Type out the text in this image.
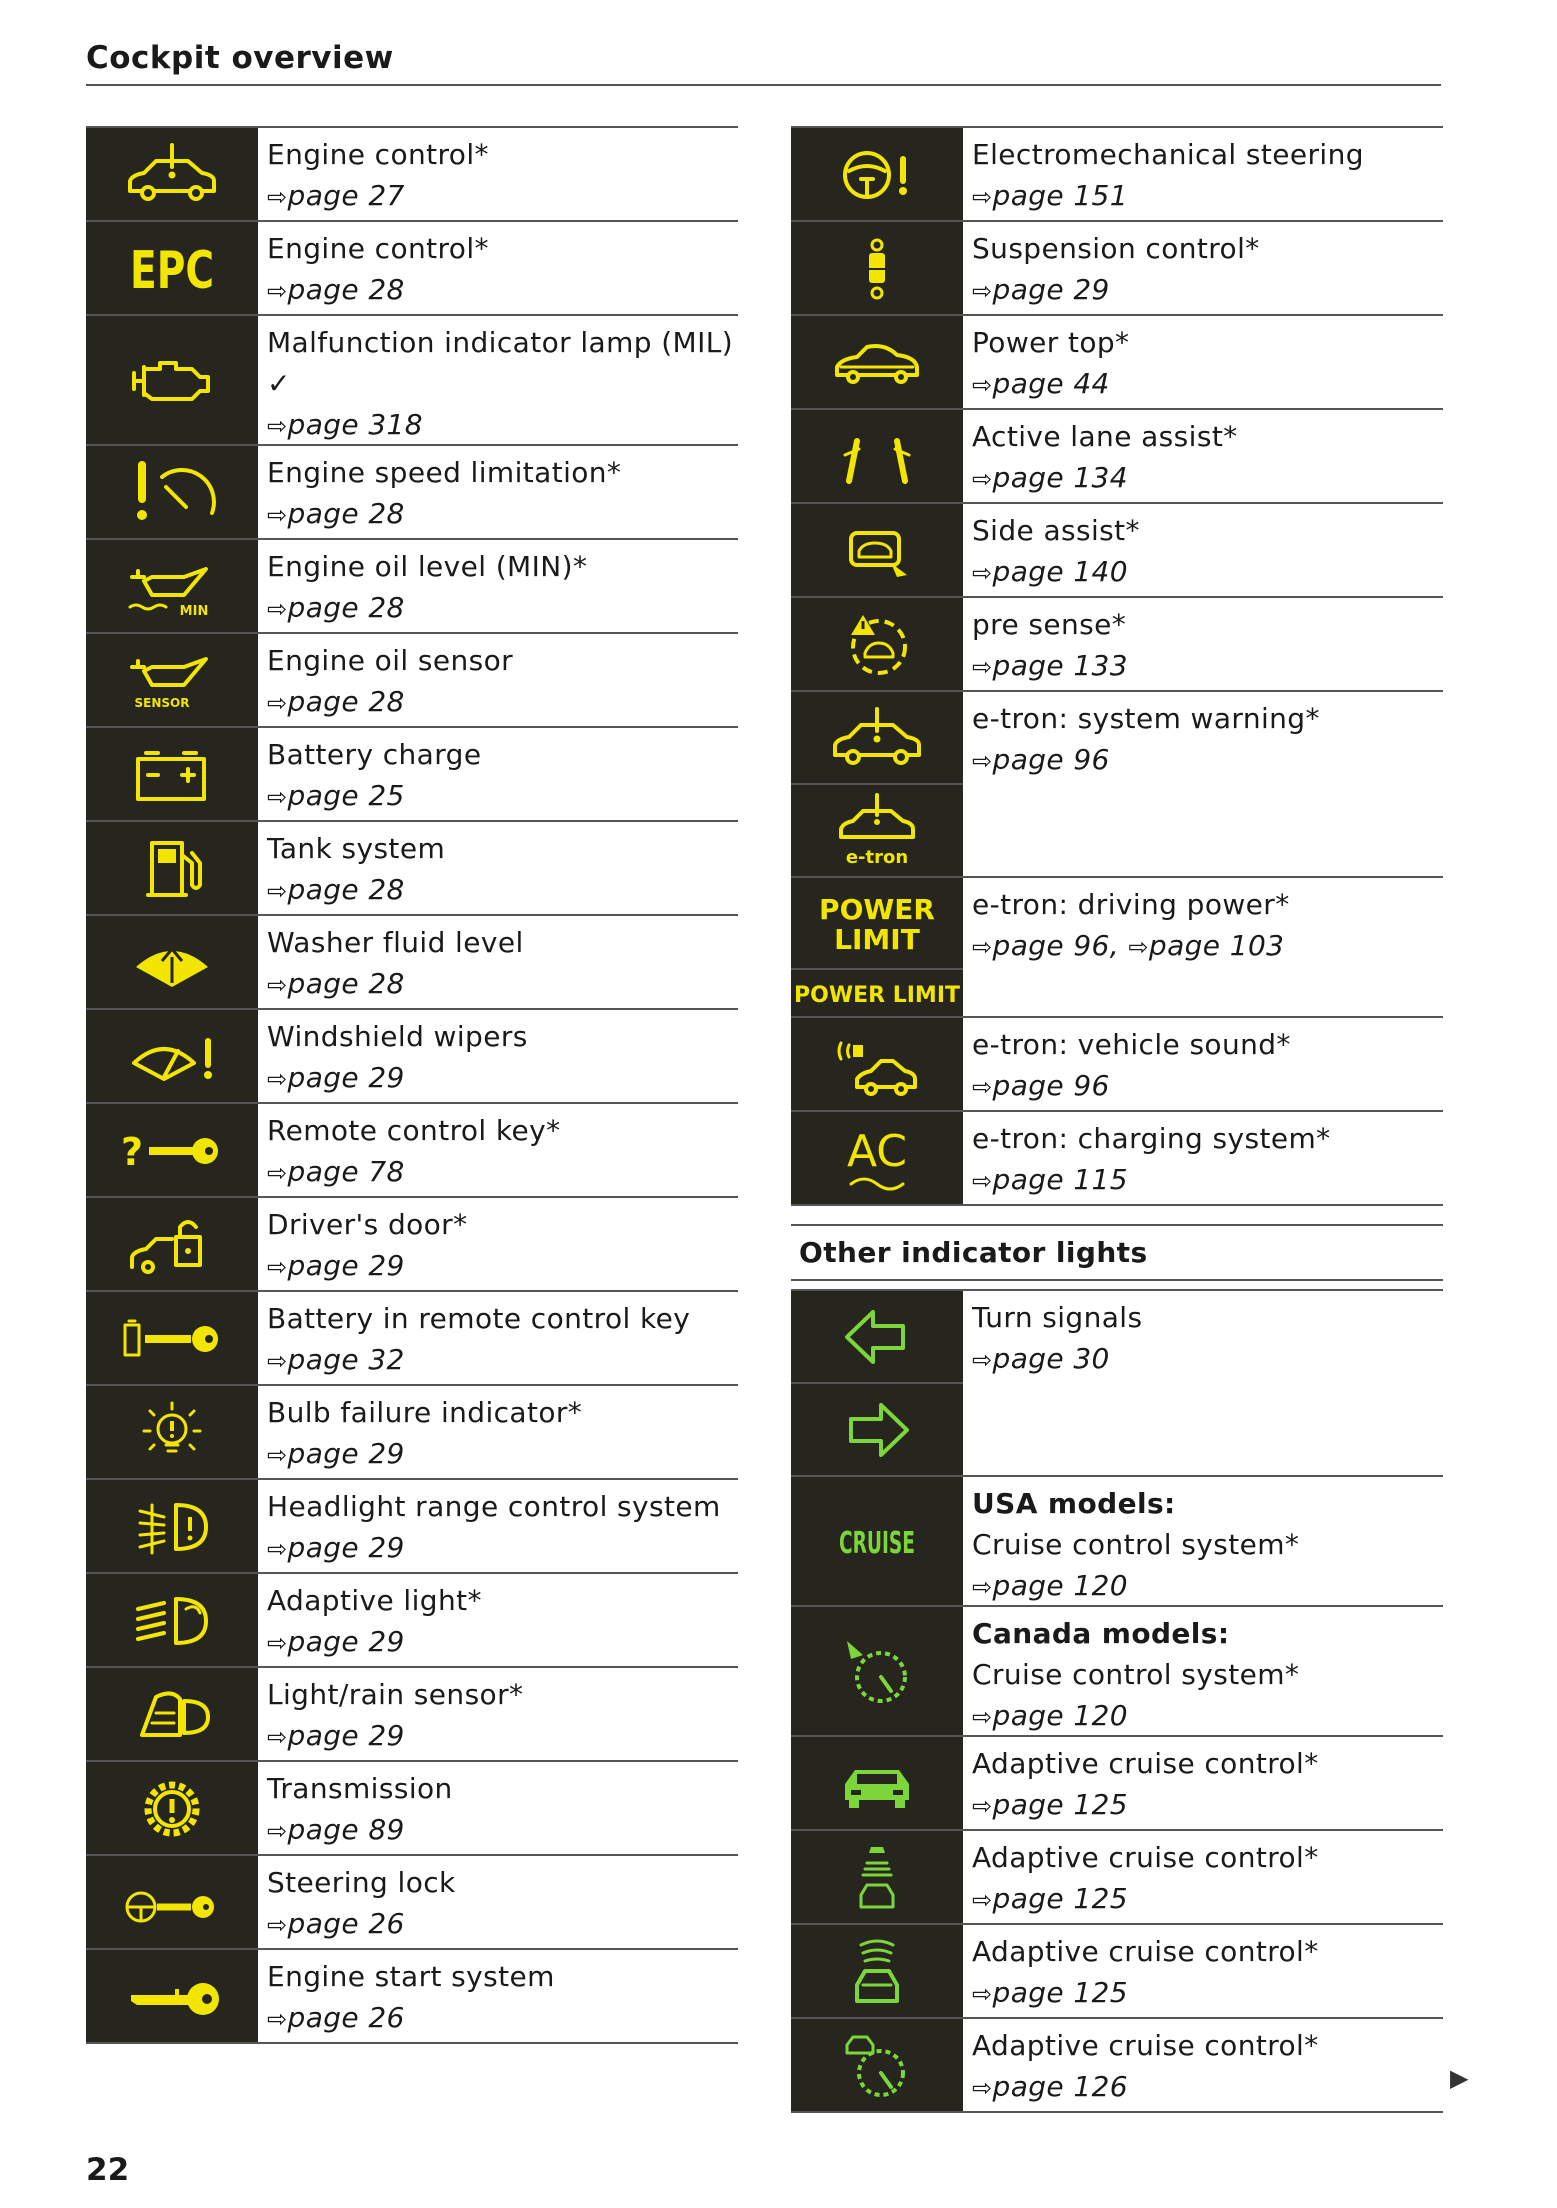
Cockpit overview
Engine control*
⇨page 27
EPC Engine control*
⇨page 28
Malfunction indicator lamp (MIL)
✓
⇨page 318
Engine speed limitation*
⇨page 28
MIN
Engine oil level (MIN)*
⇨page 28
SENSOR
Engine oil sensor
⇨page 28
Battery charge
⇨page 25
Tank system
⇨page 28
Washer fluid level
⇨page 28
Windshield wipers
⇨page 29
?	Remote control key*
⇨page 78
Driver's door*
⇨page 29
Battery in remote control key
⇨page 32
Bulb failure indicator*
⇨page 29
Headlight range control system
⇨page 29
Adaptive light*
⇨page 29
Light/rain sensor*
⇨page 29
Transmission
⇨page 89
Steering lock
⇨page 26
Engine start system
⇨page 26
Electromechanical steering
⇨page 151
Suspension control*
⇨page 29
Power top*
⇨page 44
Active lane assist*
⇨page 134
Side assist*
⇨page 140
pre sense*
⇨page 133
e-tron
e-tron: system warning*
⇨page 96
POWER
LIMIT
POWER LIMIT
e-tron: driving power*
⇨page 96, ⇨page 103
e-tron: vehicle sound*
⇨page 96
AC e-tron: charging system*
⇨page 115
Other indicator lights
Turn signals
⇨page 30
CRUISE
USA models:
Cruise control system*
⇨page 120
Canada models:
Cruise control system*
⇨page 120
Adaptive cruise control*
⇨page 125
Adaptive cruise control*
⇨page 125
Adaptive cruise control*
⇨page 125
Adaptive cruise control*
⇨page 126	▶
22
